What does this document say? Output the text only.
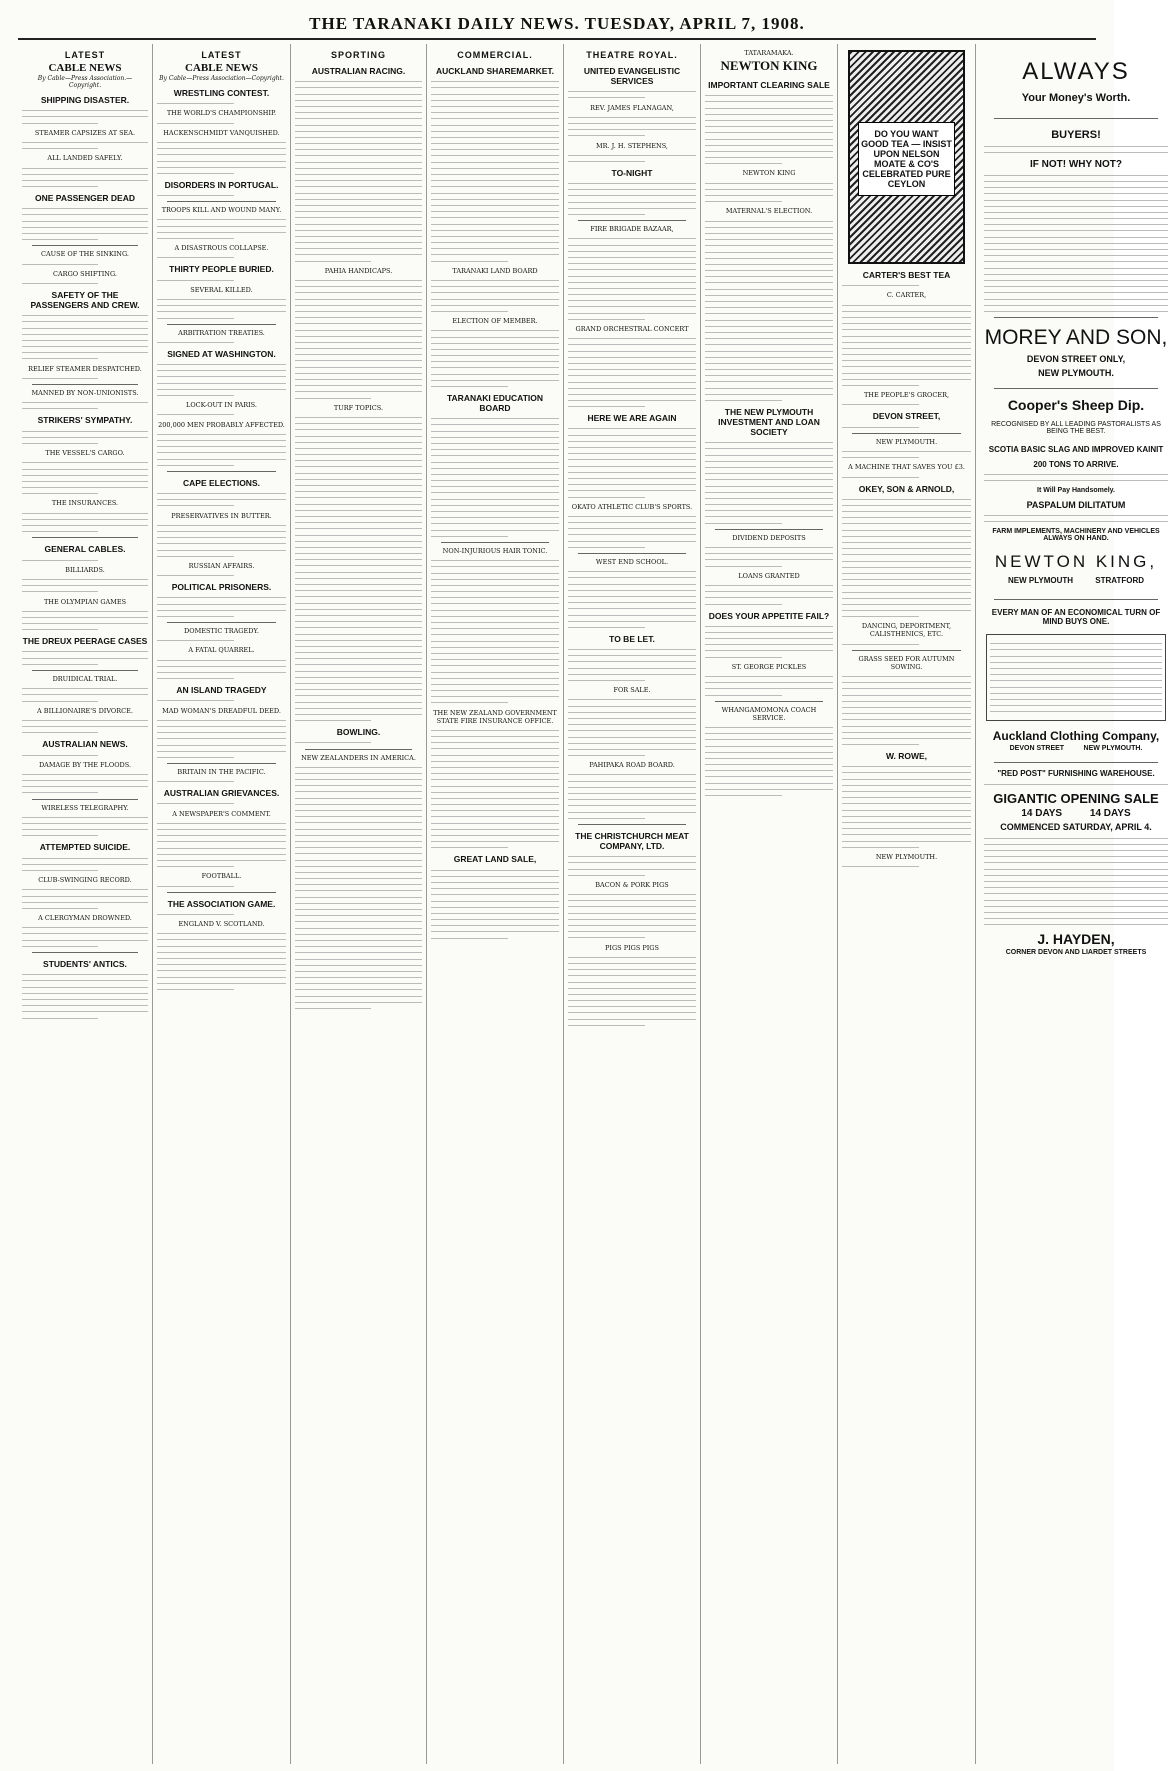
THE TARANAKI DAILY NEWS. TUESDAY, APRIL 7, 1908.
LATEST
CABLE NEWS
By Cable—Press Association.—Copyright.
SHIPPING DISASTER.
STEAMER CAPSIZES AT SEA.
ALL LANDED SAFELY.
ONE PASSENGER DEAD
CAUSE OF THE SINKING.
CARGO SHIFTING.
SAFETY OF THE PASSENGERS AND CREW.
RELIEF STEAMER DESPATCHED.
MANNED BY NON-UNIONISTS.
STRIKERS' SYMPATHY.
THE VESSEL'S CARGO.
THE INSURANCES.
GENERAL CABLES.
BILLIARDS.
THE OLYMPIAN GAMES
THE DREUX PEERAGE CASES
DRUIDICAL TRIAL.
A BILLIONAIRE'S DIVORCE.
AUSTRALIAN NEWS.
DAMAGE BY THE FLOODS.
WIRELESS TELEGRAPHY.
ATTEMPTED SUICIDE.
CLUB-SWINGING RECORD.
A CLERGYMAN DROWNED.
STUDENTS' ANTICS.
LATEST
CABLE NEWS
By Cable—Press Association—Copyright.
WRESTLING CONTEST.
THE WORLD'S CHAMPIONSHIP.
HACKENSCHMIDT VANQUISHED.
DISORDERS IN PORTUGAL.
TROOPS KILL AND WOUND MANY.
A DISASTROUS COLLAPSE.
THIRTY PEOPLE BURIED.
SEVERAL KILLED.
ARBITRATION TREATIES.
SIGNED AT WASHINGTON.
LOCK-OUT IN PARIS.
200,000 MEN PROBABLY AFFECTED.
CAPE ELECTIONS.
PRESERVATIVES IN BUTTER.
RUSSIAN AFFAIRS.
POLITICAL PRISONERS.
DOMESTIC TRAGEDY.
A FATAL QUARREL.
AN ISLAND TRAGEDY
MAD WOMAN'S DREADFUL DEED.
BRITAIN IN THE PACIFIC.
AUSTRALIAN GRIEVANCES.
A NEWSPAPER'S COMMENT.
FOOTBALL.
THE ASSOCIATION GAME.
ENGLAND V. SCOTLAND.
SPORTING
AUSTRALIAN RACING.
PAHIA HANDICAPS.
TURF TOPICS.
BOWLING.
NEW ZEALANDERS IN AMERICA.
COMMERCIAL.
AUCKLAND SHAREMARKET.
TARANAKI LAND BOARD
ELECTION OF MEMBER.
TARANAKI EDUCATION BOARD
NON-INJURIOUS HAIR TONIC.
THE NEW ZEALAND GOVERNMENT STATE FIRE INSURANCE OFFICE.
GREAT LAND SALE,
THEATRE ROYAL.
UNITED EVANGELISTIC SERVICES
REV. JAMES FLANAGAN,
MR. J. H. STEPHENS,
TO-NIGHT
FIRE BRIGADE BAZAAR,
GRAND ORCHESTRAL CONCERT
HERE WE ARE AGAIN
OKATO ATHLETIC CLUB'S SPORTS.
WEST END SCHOOL.
TO BE LET.
FOR SALE.
PAHIPAKA ROAD BOARD.
THE CHRISTCHURCH MEAT COMPANY, LTD.
BACON & PORK PIGS
PIGS PIGS PIGS
TATARAMAKA.
NEWTON KING
IMPORTANT CLEARING SALE
NEWTON KING
MATERNAL'S ELECTION.
THE NEW PLYMOUTH INVESTMENT AND LOAN SOCIETY
DIVIDEND DEPOSITS
LOANS GRANTED
DOES YOUR APPETITE FAIL?
ST. GEORGE PICKLES
WHANGAMOMONA COACH SERVICE.
DO YOU WANT GOOD TEA — INSIST UPON NELSON MOATE & CO'S CELEBRATED PURE CEYLON
CARTER'S BEST TEA
C. CARTER,
THE PEOPLE'S GROCER,
DEVON STREET,
NEW PLYMOUTH.
A MACHINE THAT SAVES YOU £3.
OKEY, SON & ARNOLD,
DANCING, DEPORTMENT, CALISTHENICS, ETC.
GRASS SEED FOR AUTUMN SOWING.
W. ROWE,
NEW PLYMOUTH.
ALWAYS
Your Money's Worth.
BUYERS!
IF NOT! WHY NOT?
MOREY AND SON,
DEVON STREET ONLY,
NEW PLYMOUTH.
Cooper's Sheep Dip.
RECOGNISED BY ALL LEADING PASTORALISTS AS BEING THE BEST.
SCOTIA BASIC SLAG AND IMPROVED KAINIT
200 TONS TO ARRIVE.
It Will Pay Handsomely.
PASPALUM DILITATUM
FARM IMPLEMENTS, MACHINERY AND VEHICLES ALWAYS ON HAND.
NEWTON KING,
NEW PLYMOUTH          STRATFORD
EVERY MAN OF AN ECONOMICAL TURN OF MIND BUYS ONE.
Auckland Clothing Company,
DEVON STREET          NEW PLYMOUTH.
"RED POST" FURNISHING WAREHOUSE.
GIGANTIC OPENING SALE
14 DAYS          14 DAYS
COMMENCED SATURDAY, APRIL 4.
J. HAYDEN,
CORNER DEVON AND LIARDET STREETS
